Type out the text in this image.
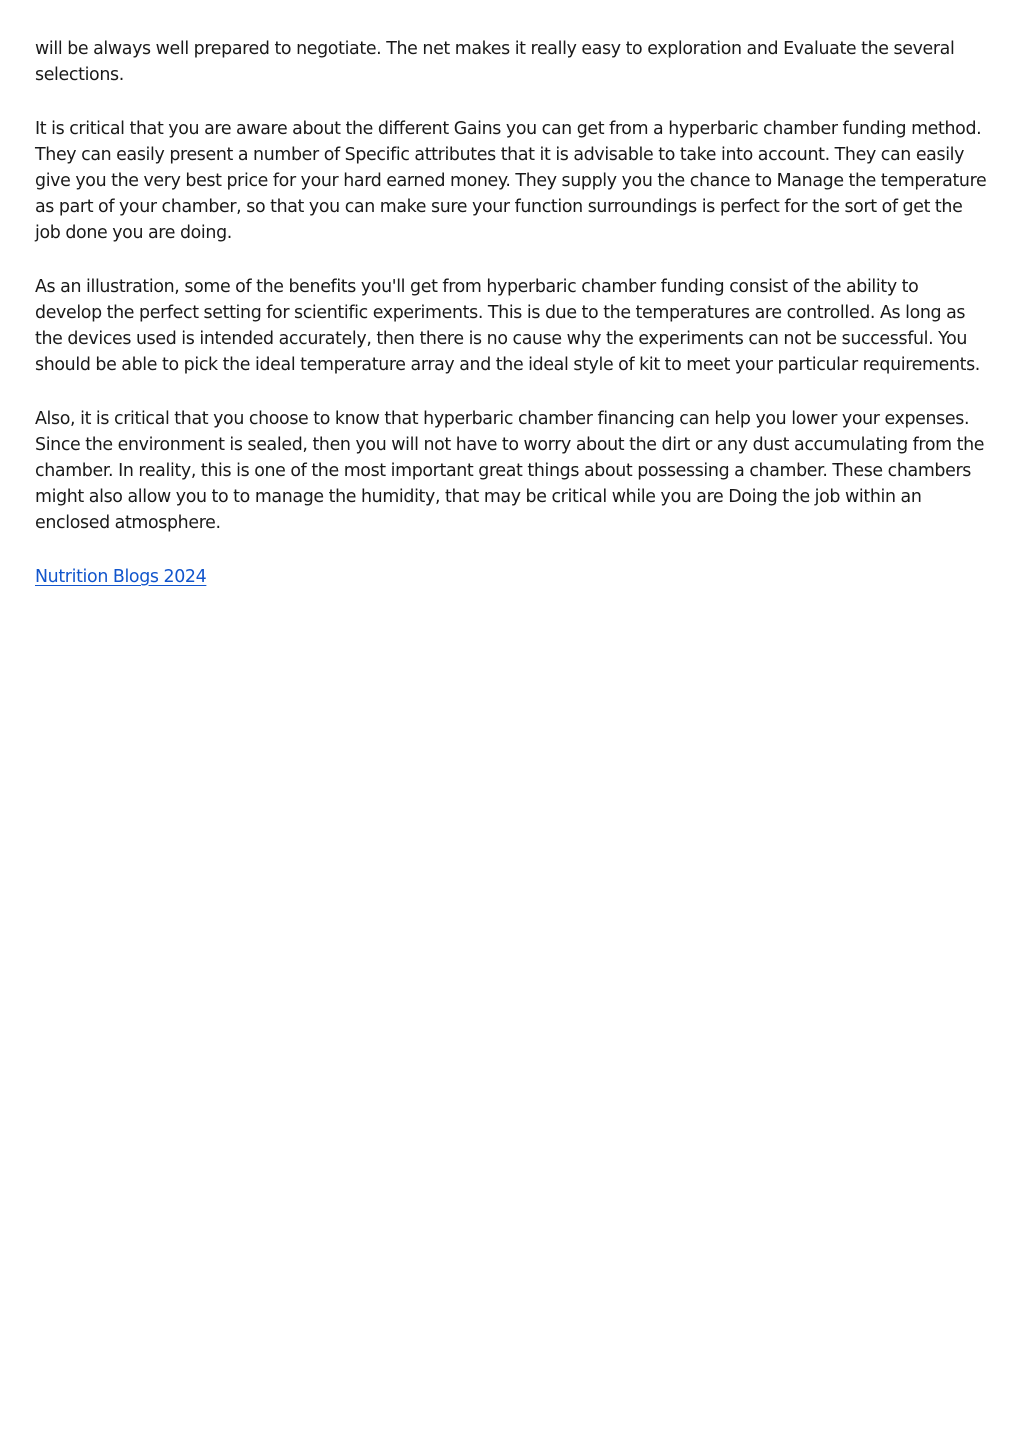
will be always well prepared to negotiate. The net makes it really easy to exploration and Evaluate the several selections.

It is critical that you are aware about the different Gains you can get from a hyperbaric chamber funding method. They can easily present a number of Specific attributes that it is advisable to take into account. They can easily give you the very best price for your hard earned money. They supply you the chance to Manage the temperature as part of your chamber, so that you can make sure your function surroundings is perfect for the sort of get the job done you are doing.

As an illustration, some of the benefits you'll get from hyperbaric chamber funding consist of the ability to develop the perfect setting for scientific experiments. This is due to the temperatures are controlled. As long as the devices used is intended accurately, then there is no cause why the experiments can not be successful. You should be able to pick the ideal temperature array and the ideal style of kit to meet your particular requirements.

Also, it is critical that you choose to know that hyperbaric chamber financing can help you lower your expenses. Since the environment is sealed, then you will not have to worry about the dirt or any dust accumulating from the chamber. In reality, this is one of the most important great things about possessing a chamber. These chambers might also allow you to to manage the humidity, that may be critical while you are Doing the job within an enclosed atmosphere.

Nutrition Blogs 2024
